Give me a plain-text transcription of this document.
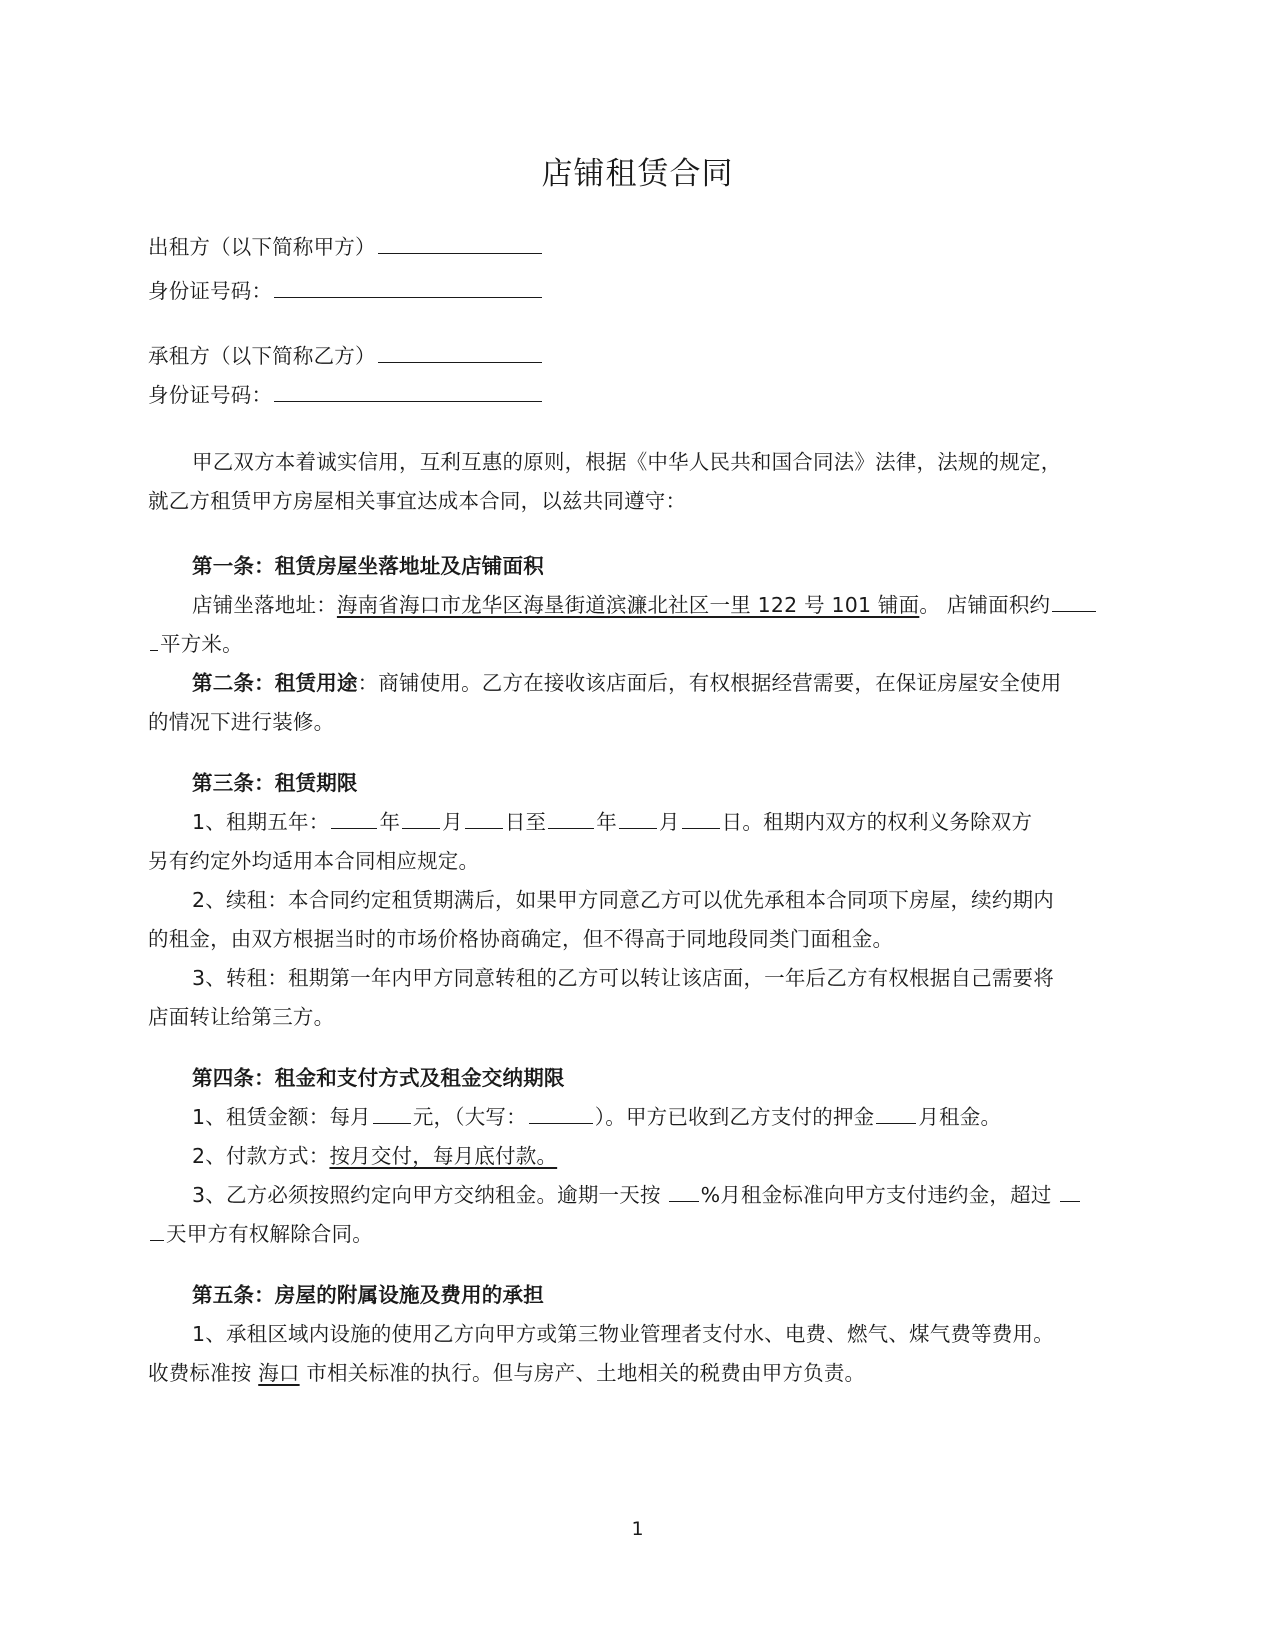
店铺租赁合同
出租方（以下简称甲方）
身份证号码：
承租方（以下简称乙方）
身份证号码：
甲乙双方本着诚实信用，互利互惠的原则，根据《中华人民共和国合同法》法律，法规的规定，
就乙方租赁甲方房屋相关事宜达成本合同，以兹共同遵守：
第一条：租赁房屋坐落地址及店铺面积
店铺坐落地址：海南省海口市龙华区海垦街道滨濂北社区一里 122 号 101 铺面。 店铺面积约
平方米。
第二条：租赁用途：商铺使用。乙方在接收该店面后，有权根据经营需要，在保证房屋安全使用
的情况下进行装修。
第三条：租赁期限
1、租期五年： 年 月 日至 年 月 日。租期内双方的权利义务除双方
另有约定外均适用本合同相应规定。
2、续租：本合同约定租赁期满后，如果甲方同意乙方可以优先承租本合同项下房屋，续约期内
的租金，由双方根据当时的市场价格协商确定，但不得高于同地段同类门面租金。
3、转租：租期第一年内甲方同意转租的乙方可以转让该店面，一年后乙方有权根据自己需要将
店面转让给第三方。
第四条：租金和支付方式及租金交纳期限
1、租赁金额：每月 元，（大写：	）。甲方已收到乙方支付的押金 月租金。
2、付款方式：按月交付，每月底付款。
3、乙方必须按照约定向甲方交纳租金。逾期一天按 %月租金标准向甲方支付违约金，超过
天甲方有权解除合同。
第五条：房屋的附属设施及费用的承担
1、承租区域内设施的使用乙方向甲方或第三物业管理者支付水、电费、燃气、煤气费等费用。
收费标准按 海口 市相关标准的执行。但与房产、土地相关的税费由甲方负责。
1
